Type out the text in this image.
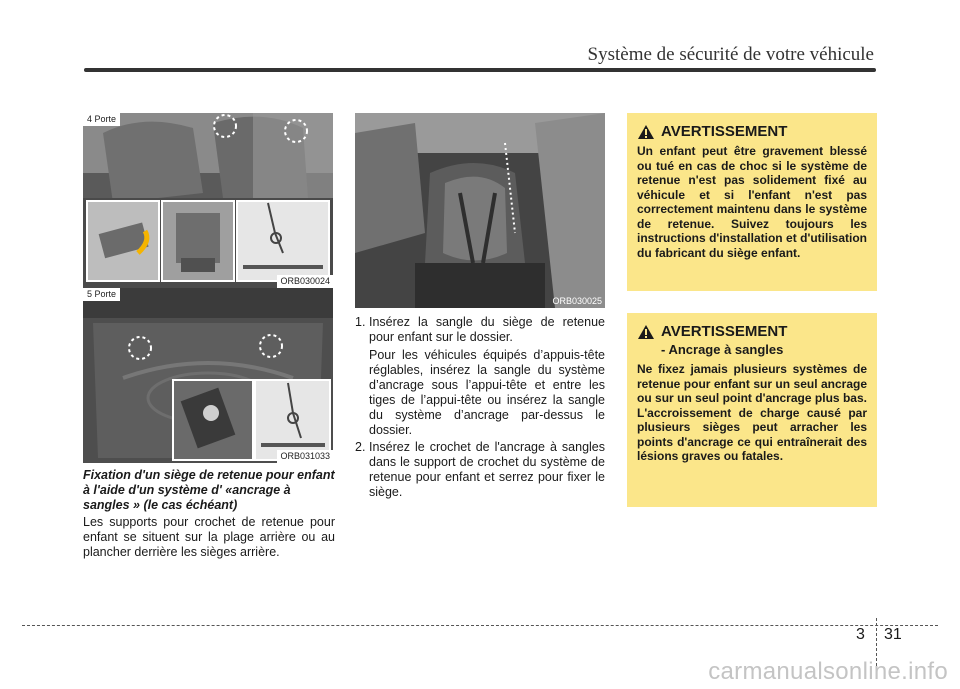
Système de sécurité de votre véhicule
4 Porte
ORB030024
5 Porte
ORB031033
ORB030025
Fixation d'un siège de retenue pour enfant à l'aide d'un système d' «ancrage à sangles » (le cas échéant)
Les supports pour crochet de retenue pour enfant se situent sur la plage arrière ou au plancher derrière les sièges arrière.
1. Insérez la sangle du siège de retenue pour enfant sur le dossier.
Pour les véhicules équipés d’appuis-tête réglables, insérez la sangle du système d’ancrage sous l’appui-tête et entre les tiges de l’appui-tête ou insérez la sangle du système d’ancrage par-dessus le dossier.
2. Insérez le crochet de l'ancrage à sangles dans le support de crochet du système de retenue pour enfant et serrez pour fixer le siège.
AVERTISSEMENT
Un enfant peut être gravement blessé ou tué en cas de choc si le système de retenue n'est pas solidement fixé au véhicule et si l'enfant n'est pas correctement maintenu dans le système de retenue. Suivez toujours les instructions d'installation et d'utilisation du fabricant du siège enfant.
AVERTISSEMENT
- Ancrage à sangles
Ne fixez jamais plusieurs systèmes de retenue pour enfant sur un seul ancrage ou sur un seul point d'ancrage plus bas. L'accroissement de charge causé par plusieurs sièges peut arracher les points d'ancrage ce qui entraînerait des lésions graves ou fatales.
3 31
carmanualsonline.info
